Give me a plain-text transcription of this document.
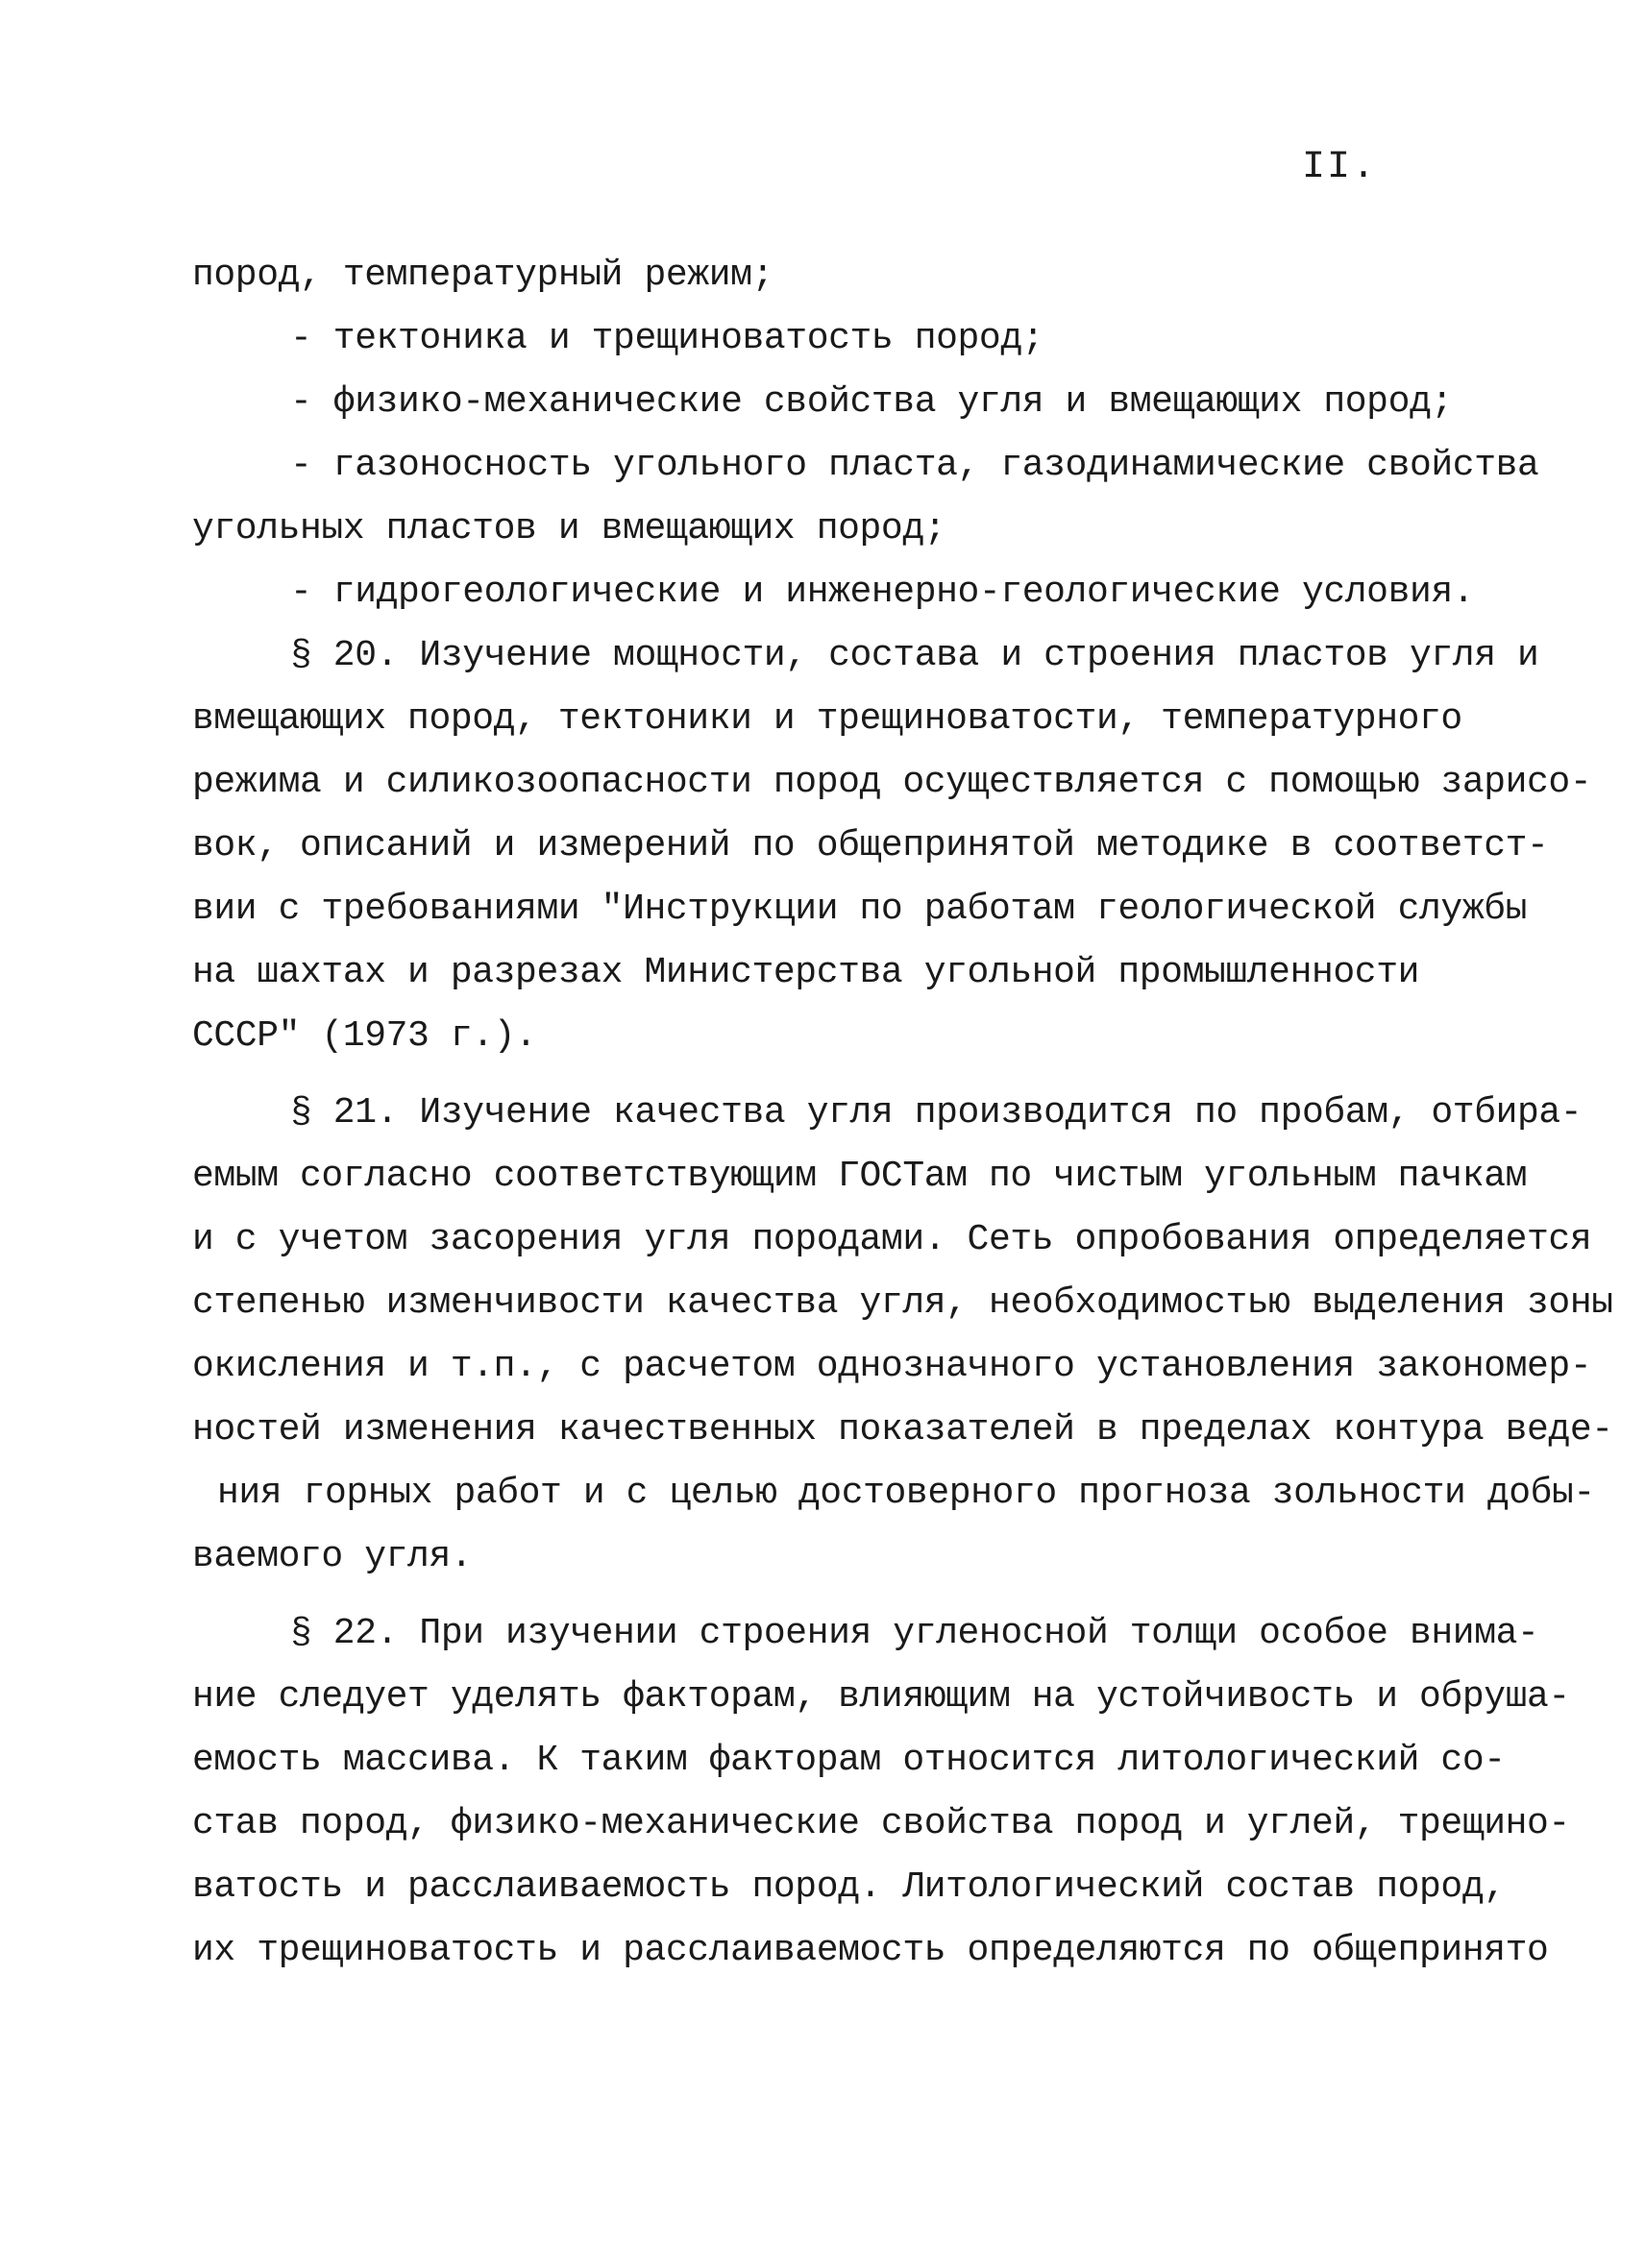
II.
пород, температурный режим;
- тектоника и трещиноватость пород;
- физико-механические свойства угля и вмещающих пород;
- газоносность угольного пласта, газодинамические свойства
угольных пластов и вмещающих пород;
- гидрогеологические и инженерно-геологические условия.
§ 20. Изучение мощности, состава и строения пластов угля и
вмещающих пород, тектоники и трещиноватости, температурного
режима и силикозоопасности пород осуществляется с помощью зарисо-
вок, описаний и измерений по общепринятой методике в соответст-
вии с требованиями "Инструкции по работам геологической службы
на шахтах и разрезах Министерства угольной промышленности
СССР" (1973 г.).
§ 21. Изучение качества угля производится по пробам, отбира-
емым согласно соответствующим ГОСТам по чистым угольным пачкам
и с учетом засорения угля породами. Сеть опробования определяется
степенью изменчивости качества угля, необходимостью выделения зоны
окисления и т.п., с расчетом однозначного установления закономер-
ностей изменения качественных показателей в пределах контура веде-
ния горных работ и с целью достоверного прогноза зольности добы-
ваемого угля.
§ 22. При изучении строения угленосной толщи особое внима-
ние следует уделять факторам, влияющим на устойчивость и обруша-
емость массива. К таким факторам относится литологический со-
став пород, физико-механические свойства пород и углей, трещино-
ватость и расслаиваемость пород. Литологический состав пород,
их трещиноватость и расслаиваемость определяются по общепринято
